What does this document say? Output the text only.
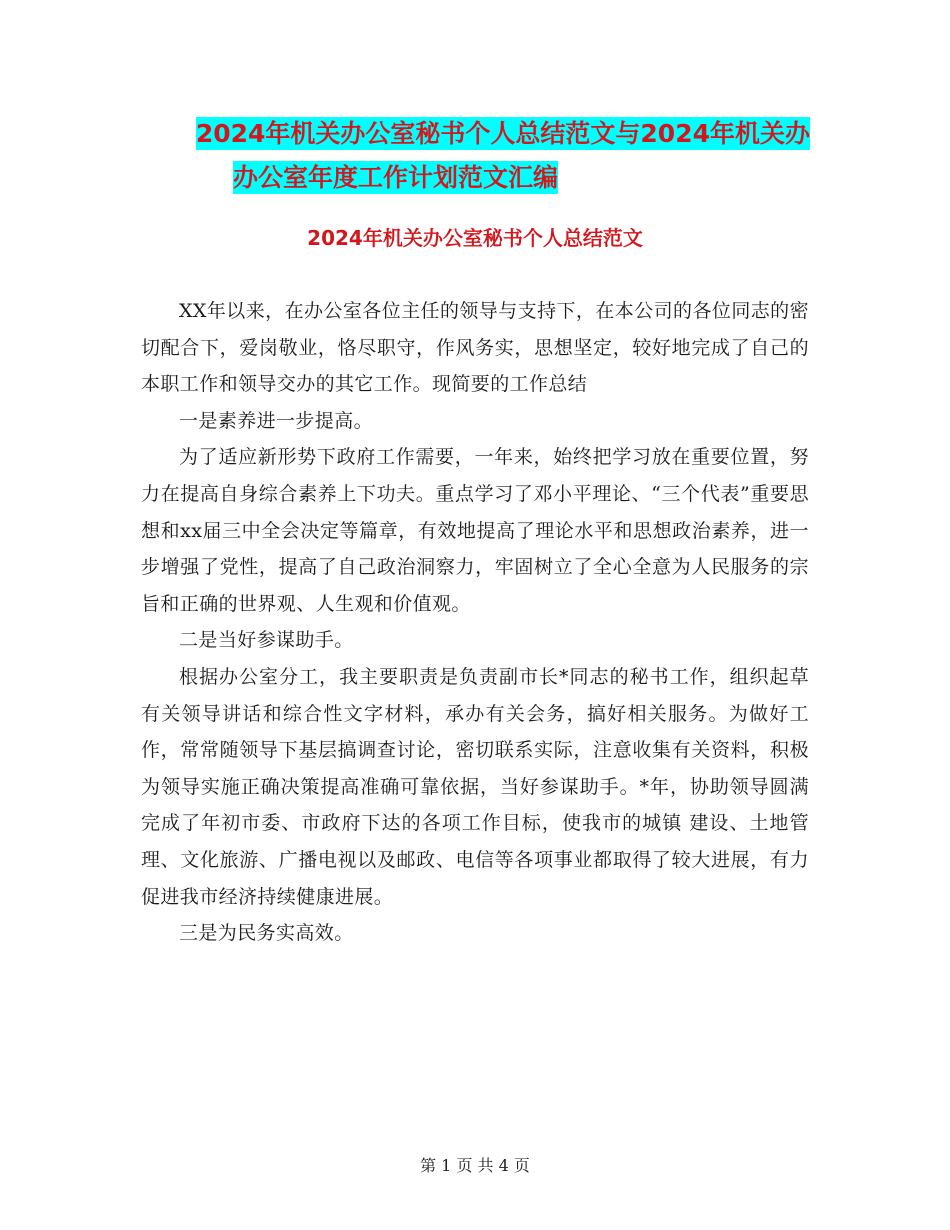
2024年机关办公室秘书个人总结范文与2024年机关办
办公室年度工作计划范文汇编
2024年机关办公室秘书个人总结范文

XX年以来，在办公室各位主任的领导与支持下，在本公司的各位同志的密切配合下，爱岗敬业，恪尽职守，作风务实，思想坚定，较好地完成了自己的本职工作和领导交办的其它工作。现简要的工作总结

一是素养进一步提高。

为了适应新形势下政府工作需要，一年来，始终把学习放在重要位置，努力在提高自身综合素养上下功夫。重点学习了邓小平理论、“三个代表”重要思想和xx届三中全会决定等篇章，有效地提高了理论水平和思想政治素养，进一步增强了党性，提高了自己政治洞察力，牢固树立了全心全意为人民服务的宗旨和正确的世界观、人生观和价值观。

二是当好参谋助手。

根据办公室分工，我主要职责是负责副市长*同志的秘书工作，组织起草有关领导讲话和综合性文字材料，承办有关会务，搞好相关服务。为做好工作，常常随领导下基层搞调查讨论，密切联系实际，注意收集有关资料，积极为领导实施正确决策提高准确可靠依据，当好参谋助手。*年，协助领导圆满完成了年初市委、市政府下达的各项工作目标，使我市的城镇 建设、土地管理、文化旅游、广播电视以及邮政、电信等各项事业都取得了较大进展，有力促进我市经济持续健康进展。

三是为民务实高效。

第 1 页 共 4 页
